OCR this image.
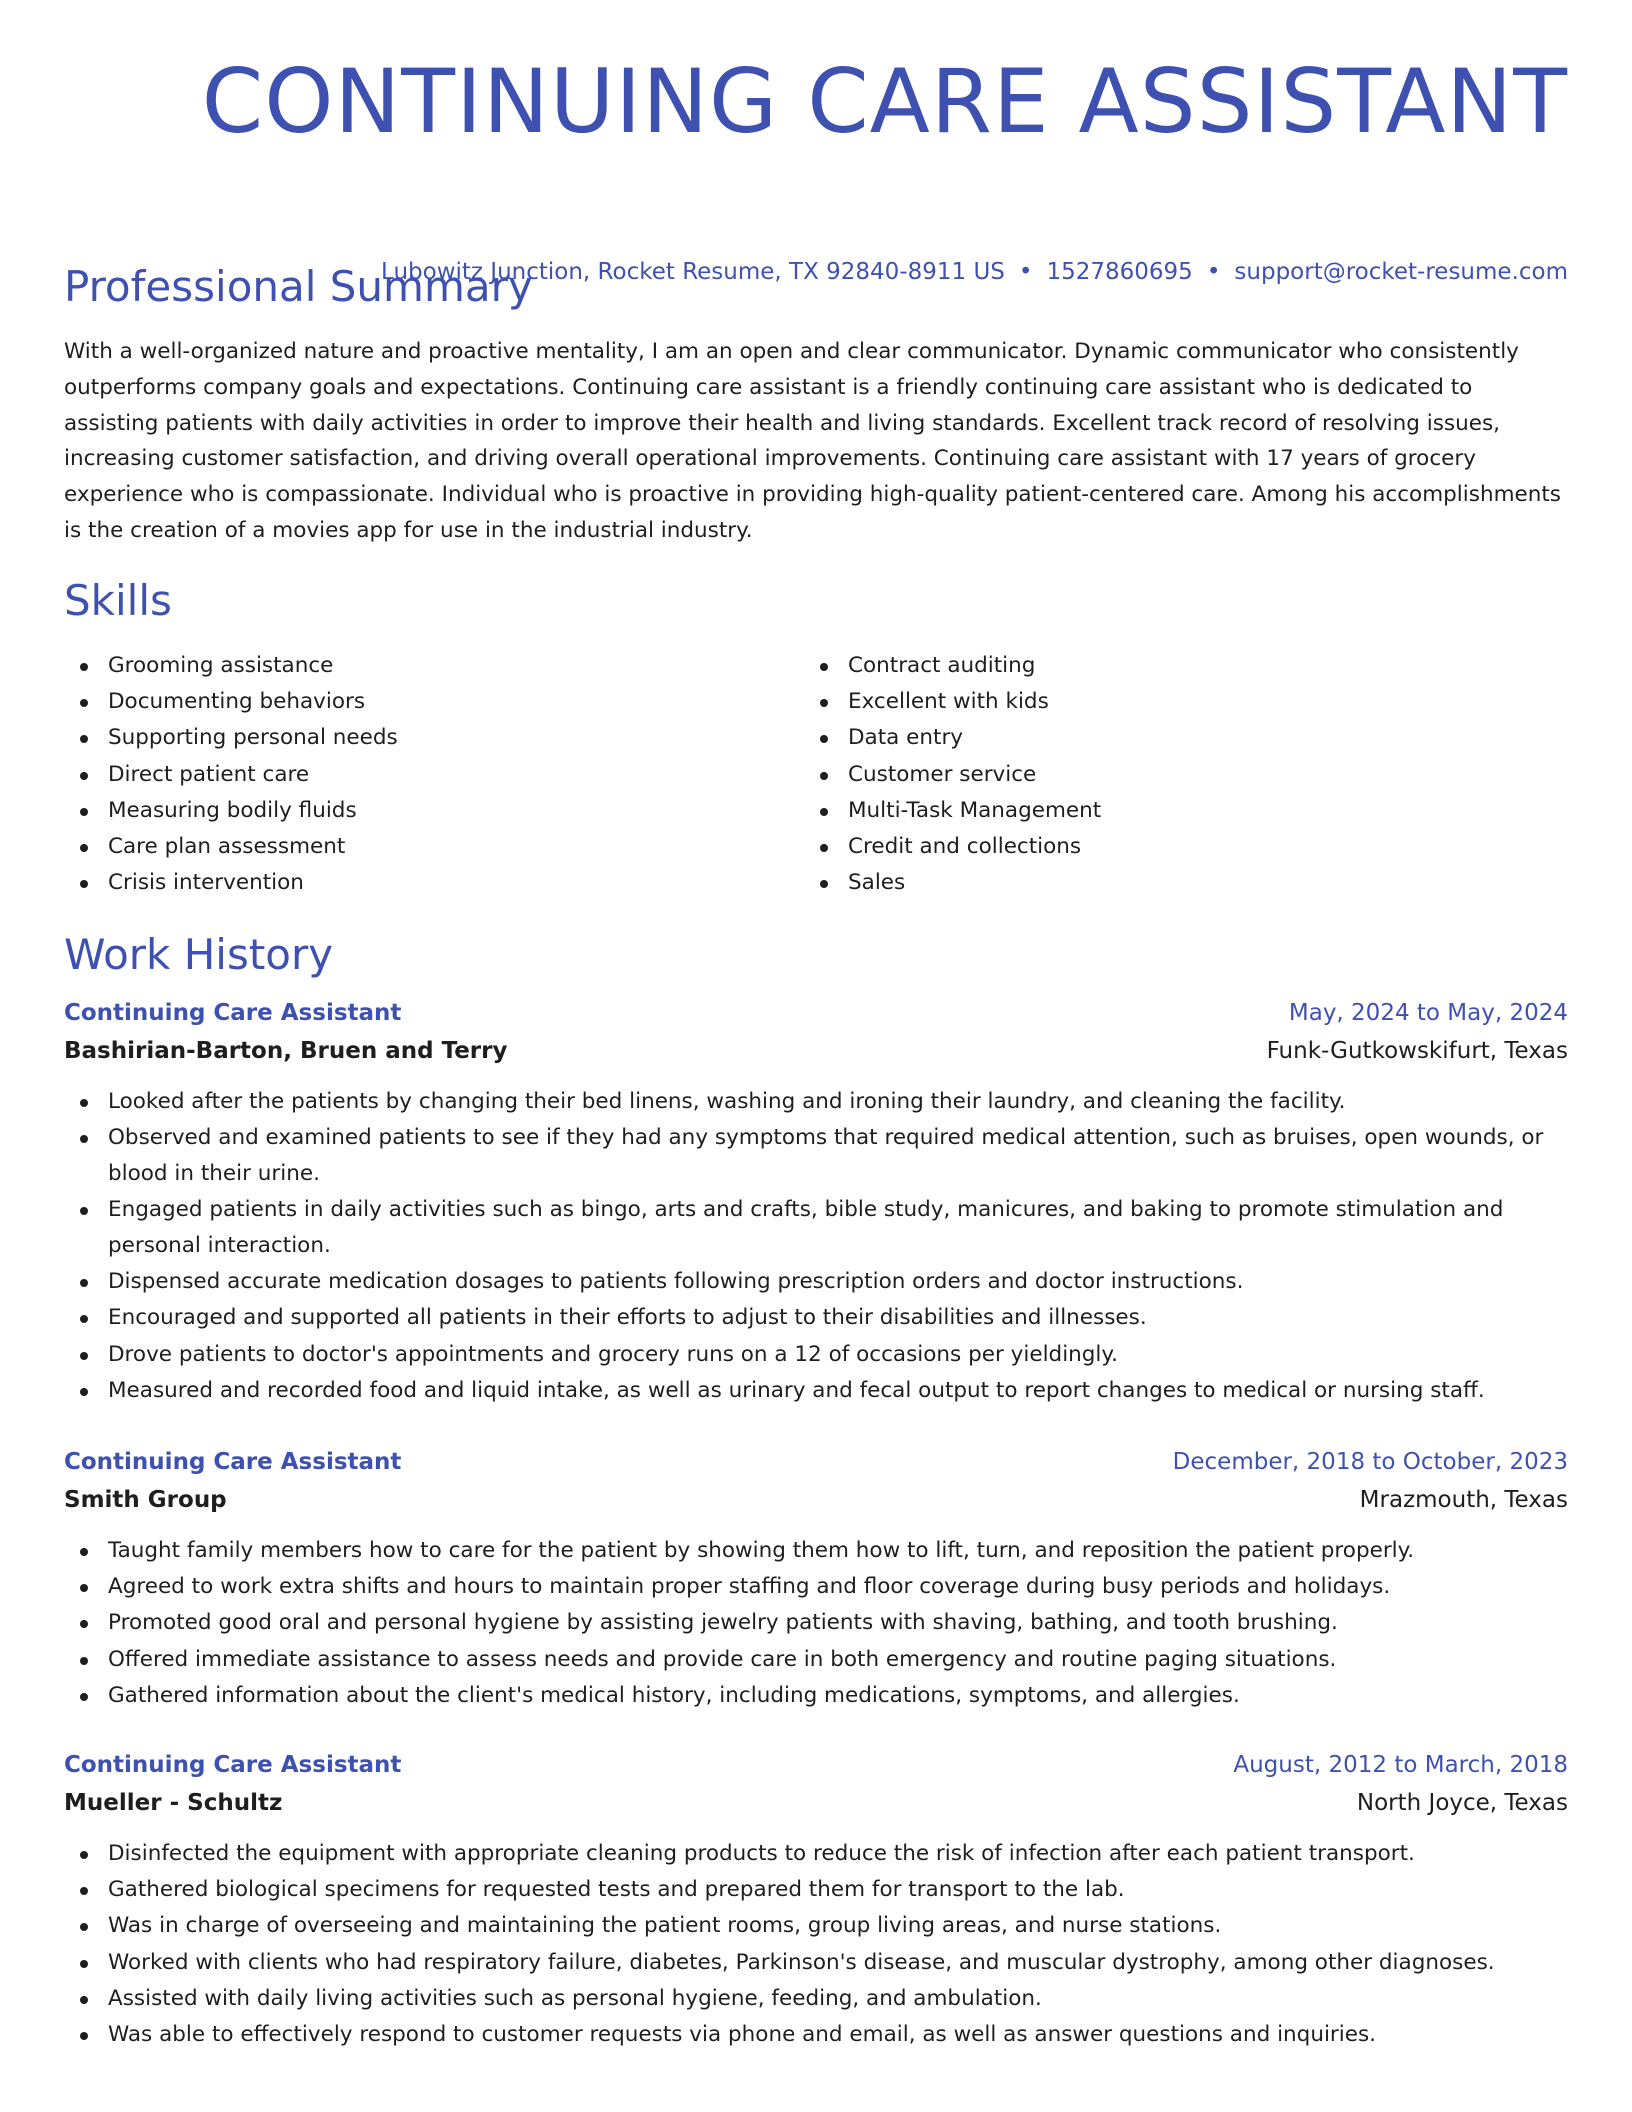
CONTINUING CARE ASSISTANT
Lubowitz Junction, Rocket Resume, TX 92840-8911 US • 1527860695 • support@rocket-resume.com
Professional Summary

With a well-organized nature and proactive mentality, I am an open and clear communicator. Dynamic communicator who consistently outperforms company goals and expectations. Continuing care assistant is a friendly continuing care assistant who is dedicated to assisting patients with daily activities in order to improve their health and living standards. Excellent track record of resolving issues, increasing customer satisfaction, and driving overall operational improvements. Continuing care assistant with 17 years of grocery experience who is compassionate. Individual who is proactive in providing high-quality patient-centered care. Among his accomplishments is the creation of a movies app for use in the industrial industry.

Skills
Grooming assistance
Documenting behaviors
Supporting personal needs
Direct patient care
Measuring bodily fluids
Care plan assessment
Crisis intervention
Contract auditing
Excellent with kids
Data entry
Customer service
Multi-Task Management
Credit and collections
Sales
Work History
Continuing Care Assistant	May, 2024 to May, 2024
Bashirian-Barton, Bruen and Terry	Funk-Gutkowskifurt, Texas
Looked after the patients by changing their bed linens, washing and ironing their laundry, and cleaning the facility.
Observed and examined patients to see if they had any symptoms that required medical attention, such as bruises, open wounds, or blood in their urine.
Engaged patients in daily activities such as bingo, arts and crafts, bible study, manicures, and baking to promote stimulation and personal interaction.
Dispensed accurate medication dosages to patients following prescription orders and doctor instructions.
Encouraged and supported all patients in their efforts to adjust to their disabilities and illnesses.
Drove patients to doctor's appointments and grocery runs on a 12 of occasions per yieldingly.
Measured and recorded food and liquid intake, as well as urinary and fecal output to report changes to medical or nursing staff.
Continuing Care Assistant	December, 2018 to October, 2023
Smith Group	Mrazmouth, Texas
Taught family members how to care for the patient by showing them how to lift, turn, and reposition the patient properly.
Agreed to work extra shifts and hours to maintain proper staffing and floor coverage during busy periods and holidays.
Promoted good oral and personal hygiene by assisting jewelry patients with shaving, bathing, and tooth brushing.
Offered immediate assistance to assess needs and provide care in both emergency and routine paging situations.
Gathered information about the client's medical history, including medications, symptoms, and allergies.
Continuing Care Assistant	August, 2012 to March, 2018
Mueller - Schultz	North Joyce, Texas
Disinfected the equipment with appropriate cleaning products to reduce the risk of infection after each patient transport.
Gathered biological specimens for requested tests and prepared them for transport to the lab.
Was in charge of overseeing and maintaining the patient rooms, group living areas, and nurse stations.
Worked with clients who had respiratory failure, diabetes, Parkinson's disease, and muscular dystrophy, among other diagnoses.
Assisted with daily living activities such as personal hygiene, feeding, and ambulation.
Was able to effectively respond to customer requests via phone and email, as well as answer questions and inquiries.
